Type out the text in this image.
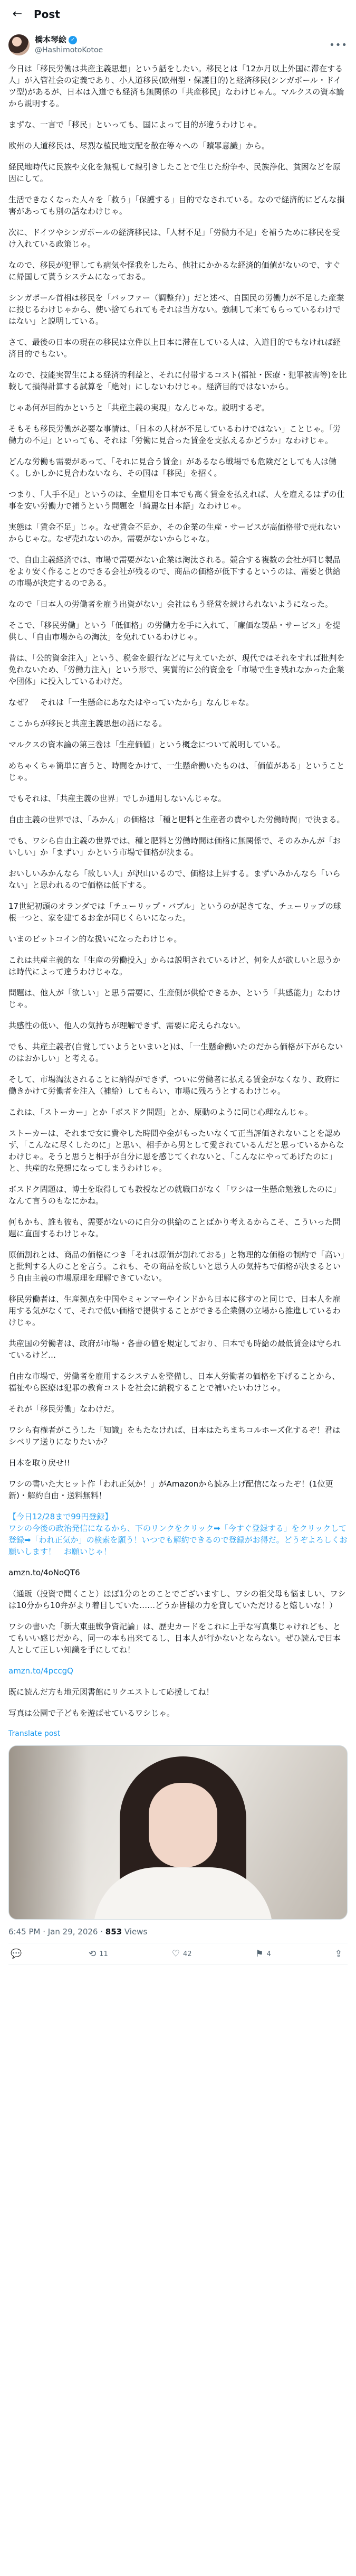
←	Post
橋本琴絵 ✓
@HashimotoKotoe	•••
今日は「移民労働は共産主義思想」という話をしたい。移民とは「12か月以上外国に滞在する人」が入管社会の定義であり、小人道移民(欧州型・保護目的)と経済移民(シンガポール・ドイツ型)があるが、日本は入道でも経済も無関係の「共産移民」なわけじゃん。マルクスの資本論から説明する。
まずな、一言で「移民」といっても、国によって目的が違うわけじゃ。
欧州の人道移民は、尽烈な植民地支配を散在等々への「贖罪意識」から。
経民地時代に民族や文化を無視して線引きしたことで生じた紛争や、民族浄化、貧困などを原因にして。
生活できなくなった人々を「救う」「保護する」目的でなされている。なので経済的にどんな損害があっても別の話なわけじゃ。
次に、ドイツやシンガポールの経済移民は、「人材不足」「労働力不足」を補うために移民を受け入れている政策じゃ。
なので、移民が犯罪しても病気や怪我をしたら、他社にかかるな経済的価値がないので、すぐに帰国して貰うシステムになっておる。
シンガポール首相は移民を「バッファー（調整弁）」だと述べ、自国民の労働力が不足した産業に投じるわけじゃから、使い捨てられてもそれは当方ない。強制して来てもらっているわけではない」と説明している。
さて、最後の日本の現在の移民は立件以上日本に滞在している人は、入道目的でもなければ経済目的でもない。
なので、技能実習生による経済的利益と、それに付帯するコスト(福祉・医療・犯罪被害等)を比較して損得計算する試算を「絶対」にしないわけじゃ。経済目的ではないから。
じゃあ何が目的かというと「共産主義の実現」なんじゃな。説明するぞ。
そもそも移民労働が必要な事情は、「日本の人材が不足しているわけではない」ことじゃ。「労働力の不足」といっても、それは「労働に見合った賃金を支払えるかどうか」なわけじゃ。
どんな労働も需要があって、「それに見合う賃金」があるなら戦場でも危険だとしても人は働く。しかしかに見合わないなら、その国は「移民」を招く。
つまり、「人手不足」というのは、全雇用を日本でも高く賃金を払えれば、人を雇えるはずの仕事を安い労働力で補うという問題を「綺麗な日本語」なわけじゃ。
実態は「賃金不足」じゃ。なぜ賃金不足か、その企業の生産・サービスが高価格帯で売れないからじゃな。なぜ売れないのか。需要がないからじゃな。
で、自由主義経済では、市場で需要がない企業は淘汰される。競合する複数の会社が同じ製品をより安く作ることのできる会社が残るので、商品の価格が低下するというのは、需要と供給の市場が決定するのである。
なので「日本人の労働者を雇う出資がない」会社はもう経営を続けられないようになった。
そこで、「移民労働」という「低価格」の労働力を手に入れて、「廉価な製品・サービス」を提供し、「自由市場からの淘汰」を免れているわけじゃ。
昔は、「公的資金注入」という、税金を銀行などに与えていたが、現代ではそれをすれば批判を免れないため、「労働力注入」という形で、実質的に公的資金を「市場で生き残れなかった企業や団体」に投入しているわけだ。
なぜ？　それは「一生懸命にあなたはやっていたから」なんじゃな。
ここからが移民と共産主義思想の話になる。
マルクスの資本論の第三巻は「生産価値」という概念について説明している。
めちゃくちゃ簡単に言うと、時間をかけて、一生懸命働いたものは、「価値がある」ということじゃ。
でもそれは、「共産主義の世界」でしか通用しないんじゃな。
自由主義の世界では、「みかん」の価格は「種と肥料と生産者の費やした労働時間」で決まる。
でも、ワシら自由主義の世界では、種と肥料と労働時間は価格に無関係で、そのみかんが「おいしい」か「まずい」かという市場で価格が決まる。
おいしいみかんなら「欲しい人」が沢山いるので、価格は上昇する。まずいみかんなら「いらない」と思われるので価格は低下する。
17世紀初頭のオランダでは「チューリップ・バブル」というのが起きてな、チューリップの球根一つと、家を建てるお金が同じくらいになった。
いまのビットコイン的な扱いになったわけじゃ。
これは共産主義的な「生産の労働投入」からは説明されているけど、何を人が欲しいと思うかは時代によって違うわけじゃな。
問題は、他人が「欲しい」と思う需要に、生産側が供給できるか、という「共感能力」なわけじゃ。
共感性の低い、他人の気持ちが理解できず、需要に応えられない。
でも、共産主義者(自覚していようといまいと)は、「一生懸命働いたのだから価格が下がらないのはおかしい」と考える。
そして、市場淘汰されることに納得ができず、ついに労働者に払える賃金がなくなり、政府に働きかけて労働者を注入（補給）してもらい、市場に残ろうとするわけじゃ。
これは、「ストーカー」とか「ボスドク問題」とか、原動のように同じ心理なんじゃ。
ストーカーは、それまで女に費やした時間や金がもったいなくて正当評価されないことを認めず、「こんなに尽くしたのに」と思い、相手から男として愛されているんだと思っているからなわけじゃ。そうと思うと相手が自分に恩を感じてくれないと、「こんなにやってあげたのに」と、共産的な発想になってしまうわけじゃ。
ボスドク問題は、博士を取得しても教授などの就職口がなく「ワシは一生懸命勉強したのに」なんて言うのもなにかね。
何もかも、誰も彼も、需要がないのに自分の供給のことばかり考えるからこそ、こういった問題に直面するわけじゃな。
原価割れとは、商品の価格につき「それは原価が割れておる」と物理的な価格の制約で「高い」と批判する人のことを言う。これも、その商品を欲しいと思う人の気持ちで価格が決まるという自由主義の市場原理を理解できていない。
移民労働者は、生産拠点を中国やミャンマーやインドから日本に移すのと同じで、日本人を雇用する気がなくて、それで低い価格で提供することができる企業側の立場から推進しているわけじゃ。
共産国の労働者は、政府が市場・各書の値を規定しており、日本でも時給の最低賃金は守られているけど…
自由な市場で、労働者を雇用するシステムを整備し、日本人労働者の価格を下げることから、福祉やら医療は犯罪の教育コストを社会に納税することで補いたいわけじゃ。
それが「移民労働」なわけだ。
ワシら有権者がこうした「知識」をもたなければ、日本はたちまちコルホーズ化するぞ！君はシベリア送りになりたいか？
日本を取り戻せ!!
ワシの書いた大ヒット作「われ正気か！」がAmazonから読み上げ配信になったぞ！(1位更新)・解約自由・送料無料！
【今日12/28まで99円登録】
ワシの今後の政治発信になるから、下のリンクをクリック➡「今すぐ登録する」をクリックして登録➡「われ正気か」の検索を願う！いつでも解約できるので登録がお得だ。どうぞよろしくお願いします！　お願いじゃ！
amzn.to/4oNoQT6
（通販（投資で聞くこと）ほぼ1分のとのことでございますし、ワシの祖父母も悩ましい、ワシは10分から10弁がより着目していた……どうか皆様の力を貸していただけると嬉しいな！）
ワシの書いた「新大東亜戦争資記論」は、歴史カードをこれに上手な写真集じゃけれども、とてもいい感じだから、同一の本も出来てるし、日本人が行かないとならない。ぜひ読んで日本人として正しい知識を手にしてね！
amzn.to/4pccgQ
既に読んだ方も地元図書館にリクエストして応援してね！
写真は公園で子どもを遊ばせているワシじゃ。
Translate post
6:45 PM · Jan 29, 2026 · 853 Views
💬	⟲ 11	♡ 42	⚑ 4	⇪
